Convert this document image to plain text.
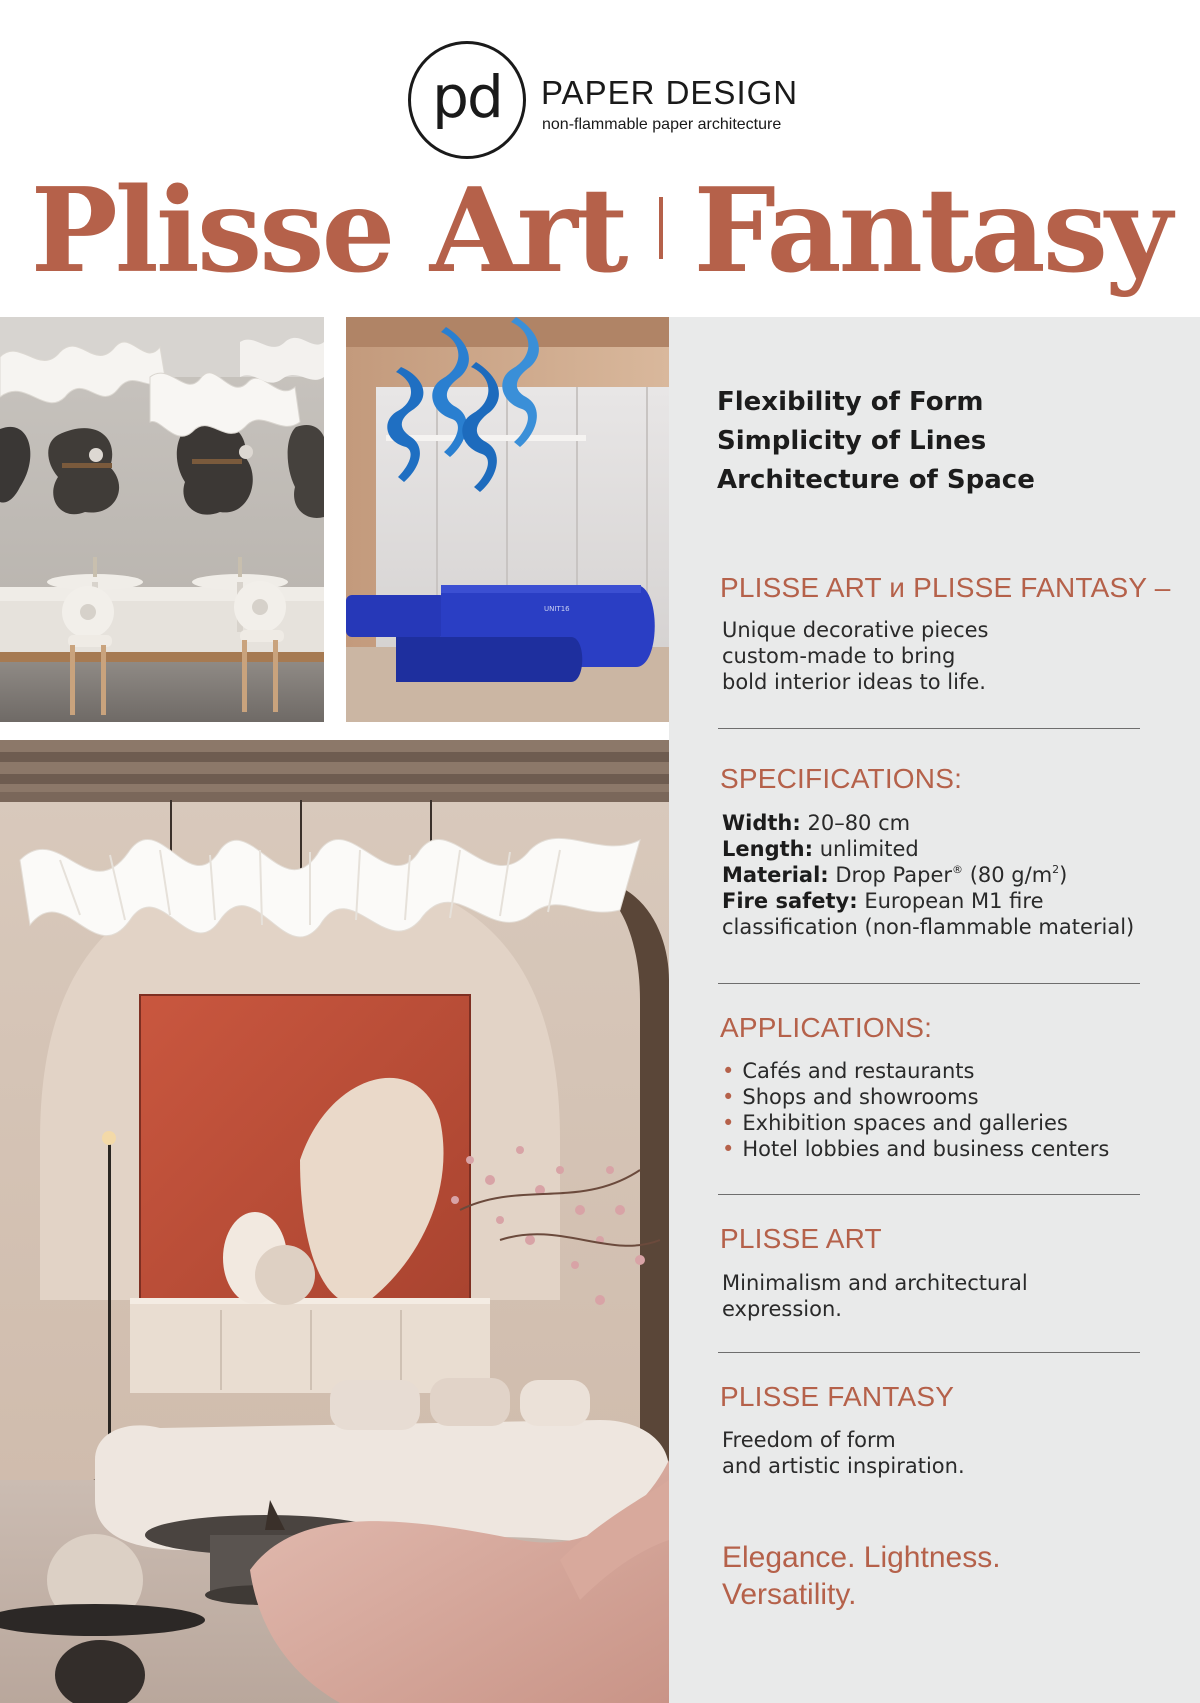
pd PAPER DESIGN
non-flammable paper architecture
Plisse Art Fantasy
UNIT16
Flexibility of Form
Simplicity of Lines
Architecture of Space
PLISSE ART и PLISSE FANTASY –
Unique decorative pieces
custom-made to bring
bold interior ideas to life.
SPECIFICATIONS:
Width: 20–80 cm
Length: unlimited
Material: Drop Paper® (80 $g/m^2$)
Fire safety: European M1 fire
classification (non-flammable material)
APPLICATIONS:
• Cafés and restaurants
• Shops and showrooms
• Exhibition spaces and galleries
• Hotel lobbies and business centers
PLISSE ART
Minimalism and architectural
expression.
PLISSE FANTASY
Freedom of form
and artistic inspiration.
Elegance. Lightness.
Versatility.
